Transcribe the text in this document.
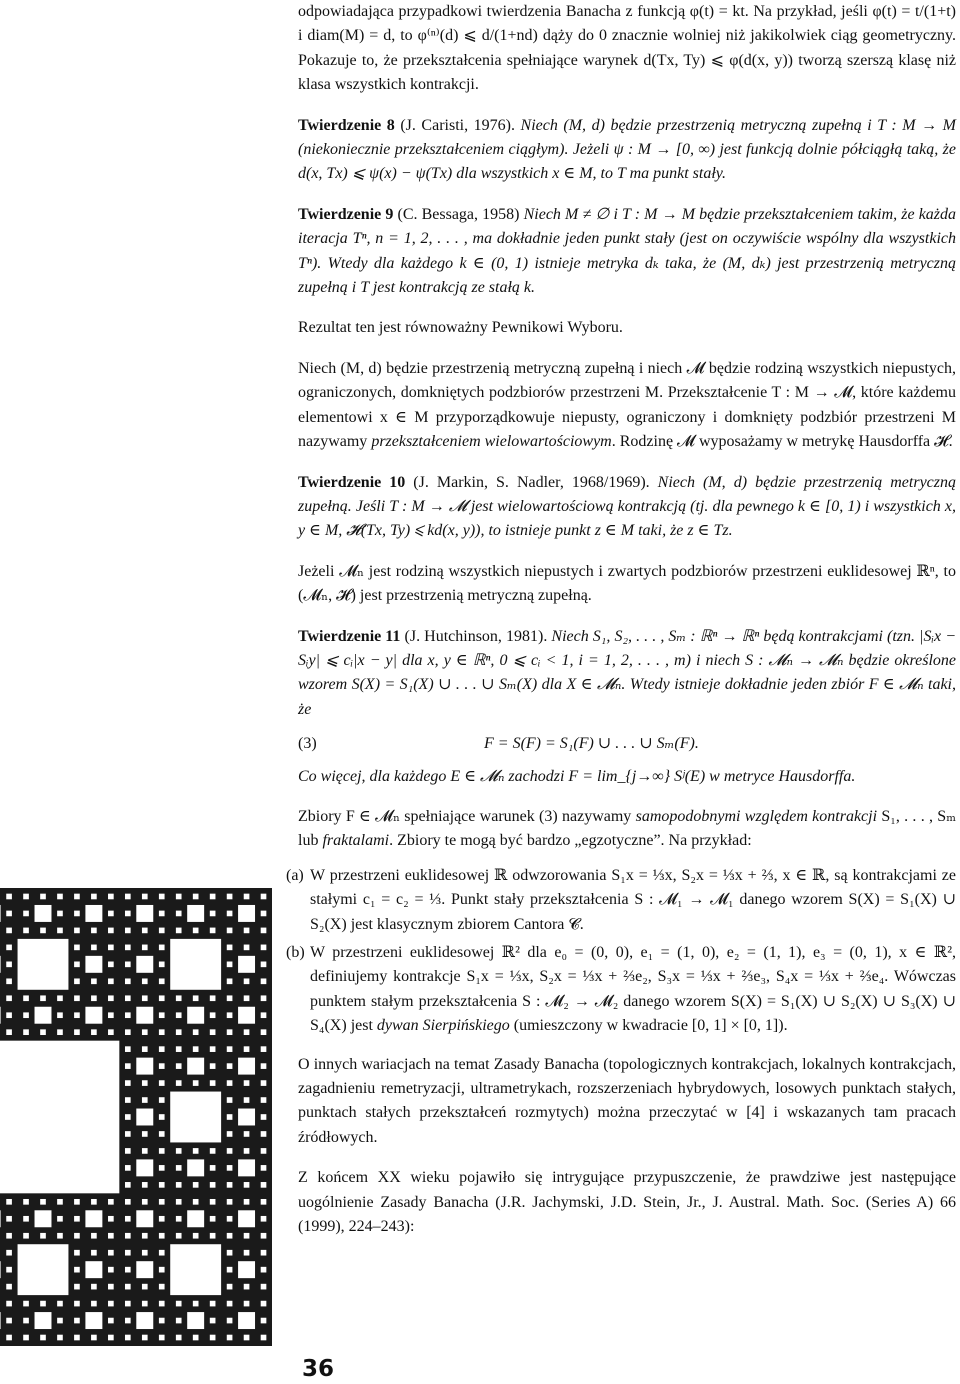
odpowiadająca przypadkowi twierdzenia Banacha z funkcją φ(t) = kt. Na przykład, jeśli φ(t) = t/(1+t) i diam(M) = d, to φ⁽ⁿ⁾(d) ⩽ d/(1+nd) dąży do 0 znacznie wolniej niż jakikolwiek ciąg geometryczny. Pokazuje to, że przekształcenia spełniające warynek d(Tx, Ty) ⩽ φ(d(x, y)) tworzą szerszą klasę niż klasa wszystkich kontrakcji.

Twierdzenie 8 (J. Caristi, 1976). Niech (M, d) będzie przestrzenią metryczną zupełną i T : M → M (niekoniecznie przekształceniem ciągłym). Jeżeli ψ : M → [0, ∞) jest funkcją dolnie półciągłą taką, że d(x, Tx) ⩽ ψ(x) − ψ(Tx) dla wszystkich x ∈ M, to T ma punkt stały.

Twierdzenie 9 (C. Bessaga, 1958) Niech M ≠ ∅ i T : M → M będzie przekształceniem takim, że każda iteracja Tⁿ, n = 1, 2, . . . , ma dokładnie jeden punkt stały (jest on oczywiście wspólny dla wszystkich Tⁿ). Wtedy dla każdego k ∈ (0, 1) istnieje metryka dₖ taka, że (M, dₖ) jest przestrzenią metryczną zupełną i T jest kontrakcją ze stałą k.

Rezultat ten jest równoważny Pewnikowi Wyboru.

Niech (M, d) będzie przestrzenią metryczną zupełną i niech 𝓜 będzie rodziną wszystkich niepustych, ograniczonych, domkniętych podzbiorów przestrzeni M. Przekształcenie T : M → 𝓜, które każdemu elementowi x ∈ M przyporządkowuje niepusty, ograniczony i domknięty podzbiór przestrzeni M nazywamy przekształceniem wielowartościowym. Rodzinę 𝓜 wyposażamy w metrykę Hausdorffa 𝓗.

Twierdzenie 10 (J. Markin, S. Nadler, 1968/1969). Niech (M, d) będzie przestrzenią metryczną zupełną. Jeśli T : M → 𝓜 jest wielowartościową kontrakcją (tj. dla pewnego k ∈ [0, 1) i wszystkich x, y ∈ M, 𝓗(Tx, Ty) ⩽ kd(x, y)), to istnieje punkt z ∈ M taki, że z ∈ Tz.

Jeżeli 𝓜ₙ jest rodziną wszystkich niepustych i zwartych podzbiorów przestrzeni euklidesowej ℝⁿ, to (𝓜ₙ, 𝓗) jest przestrzenią metryczną zupełną.

Twierdzenie 11 (J. Hutchinson, 1981). Niech S₁, S₂, . . . , Sₘ : ℝⁿ → ℝⁿ będą kontrakcjami (tzn. |Sᵢx − Sᵢy| ⩽ cᵢ|x − y| dla x, y ∈ ℝⁿ, 0 ⩽ cᵢ < 1, i = 1, 2, . . . , m) i niech S : 𝓜ₙ → 𝓜ₙ będzie określone wzorem S(X) = S₁(X) ∪ . . . ∪ Sₘ(X) dla X ∈ 𝓜ₙ. Wtedy istnieje dokładnie jeden zbiór F ∈ 𝓜ₙ taki, że

(3)	F = S(F) = S₁(F) ∪ . . . ∪ Sₘ(F).

Co więcej, dla każdego E ∈ 𝓜ₙ zachodzi F = lim_{j→∞} Sʲ(E) w metryce Hausdorffa.

Zbiory F ∈ 𝓜ₙ spełniające warunek (3) nazywamy samopodobnymi względem kontrakcji S₁, . . . , Sₘ lub fraktalami. Zbiory te mogą być bardzo „egzotyczne”. Na przykład:

(a) W przestrzeni euklidesowej ℝ odwzorowania S₁x = ⅓x, S₂x = ⅓x + ⅔, x ∈ ℝ, są kontrakcjami ze stałymi c₁ = c₂ = ⅓. Punkt stały przekształcenia S : 𝓜₁ → 𝓜₁ danego wzorem S(X) = S₁(X) ∪ S₂(X) jest klasycznym zbiorem Cantora 𝓒.
(b) W przestrzeni euklidesowej ℝ² dla e₀ = (0, 0), e₁ = (1, 0), e₂ = (1, 1), e₃ = (0, 1), x ∈ ℝ², definiujemy kontrakcje S₁x = ⅓x, S₂x = ⅓x + ⅔e₂, S₃x = ⅓x + ⅔e₃, S₄x = ⅓x + ⅔e₄. Wówczas punktem stałym przekształcenia S : 𝓜₂ → 𝓜₂ danego wzorem S(X) = S₁(X) ∪ S₂(X) ∪ S₃(X) ∪ S₄(X) jest dywan Sierpińskiego (umieszczony w kwadracie [0, 1] × [0, 1]).

O innych wariacjach na temat Zasady Banacha (topologicznych kontrakcjach, lokalnych kontrakcjach, zagadnieniu remetryzacji, ultrametrykach, rozszerzeniach hybrydowych, losowych punktach stałych, punktach stałych przekształceń rozmytych) można przeczytać w [4] i wskazanych tam pracach źródłowych.

Z końcem XX wieku pojawiło się intrygujące przypuszczenie, że prawdziwe jest następujące uogólnienie Zasady Banacha (J.R. Jachymski, J.D. Stein, Jr., J. Austral. Math. Soc. (Series A) 66 (1999), 224–243):

36
